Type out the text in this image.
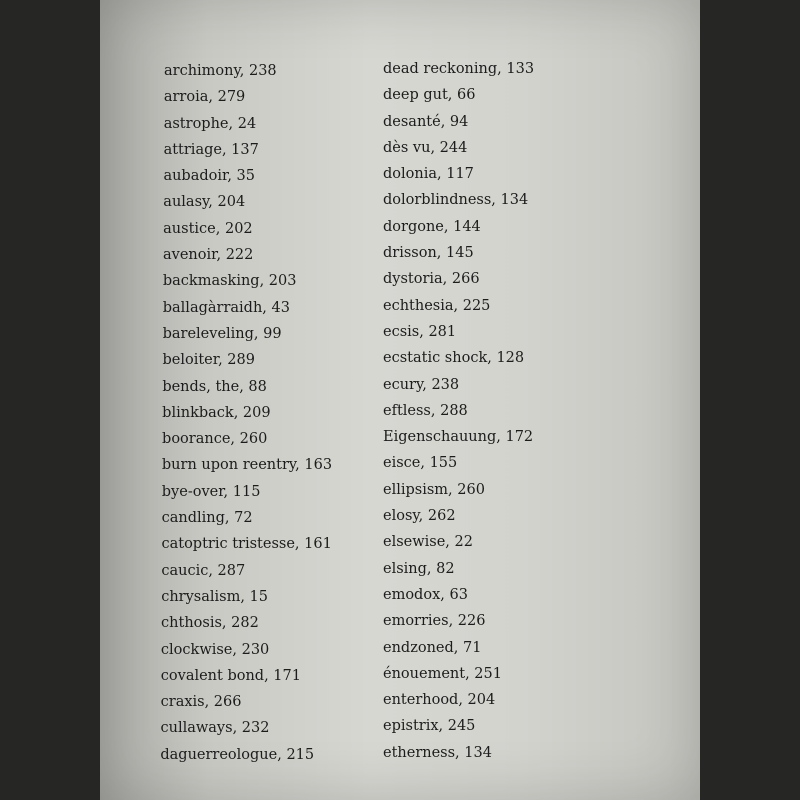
archimony, 238
arroia, 279
astrophe, 24
attriage, 137
aubadoir, 35
aulasy, 204
austice, 202
avenoir, 222
backmasking, 203
ballagàrraidh, 43
bareleveling, 99
beloiter, 289
bends, the, 88
blinkback, 209
boorance, 260
burn upon reentry, 163
bye-over, 115
candling, 72
catoptric tristesse, 161
caucic, 287
chrysalism, 15
chthosis, 282
clockwise, 230
covalent bond, 171
craxis, 266
cullaways, 232
daguerreologue, 215
dead reckoning, 133
deep gut, 66
desanté, 94
dès vu, 244
dolonia, 117
dolorblindness, 134
dorgone, 144
drisson, 145
dystoria, 266
echthesia, 225
ecsis, 281
ecstatic shock, 128
ecury, 238
eftless, 288
Eigenschauung, 172
eisce, 155
ellipsism, 260
elosy, 262
elsewise, 22
elsing, 82
emodox, 63
emorries, 226
endzoned, 71
énouement, 251
enterhood, 204
epistrix, 245
etherness, 134
